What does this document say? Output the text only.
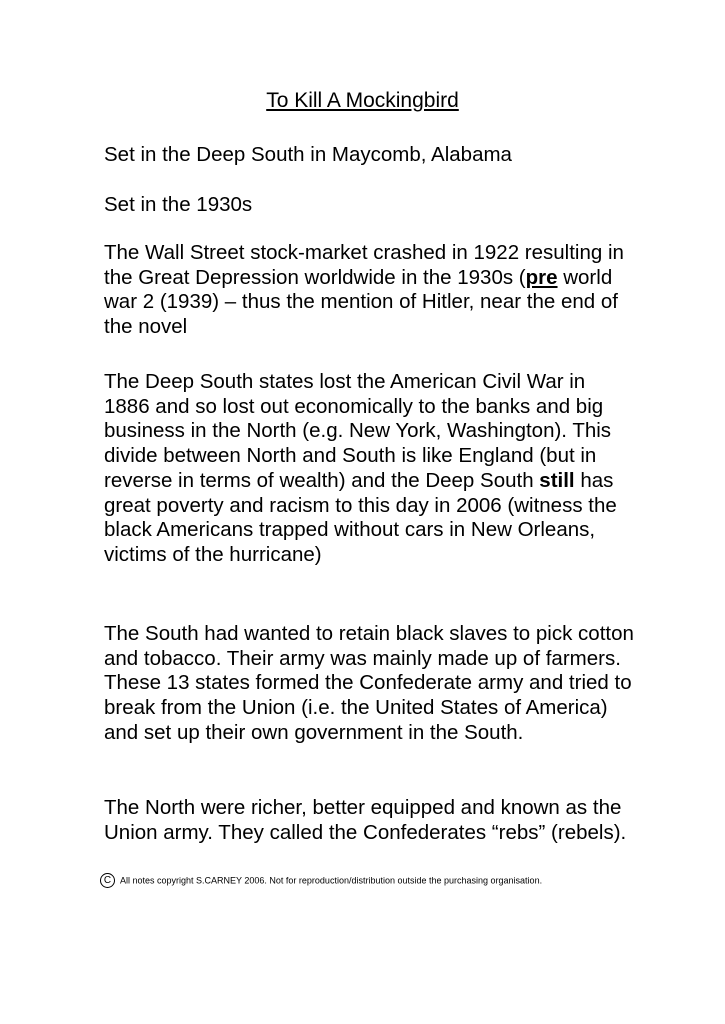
To Kill A Mockingbird

Set in the Deep South in Maycomb, Alabama

Set in the 1930s

The Wall Street stock-market crashed in 1922 resulting in the Great Depression worldwide in the 1930s (pre world war 2 (1939) – thus the mention of Hitler, near the end of the novel

The Deep South states lost the American Civil War in 1886 and so lost out economically to the banks and big business in the North (e.g. New York, Washington). This divide between North and South is like England (but in reverse in terms of wealth) and the Deep South still has great poverty and racism to this day in 2006 (witness the black Americans trapped without cars in New Orleans, victims of the hurricane)

The South had wanted to retain black slaves to pick cotton and tobacco. Their army was mainly made up of farmers. These 13 states formed the Confederate army and tried to break from the Union (i.e. the United States of America) and set up their own government in the South.

The North were richer, better equipped and known as the Union army. They called the Confederates “rebs” (rebels).

C All notes copyright S.CARNEY 2006. Not for reproduction/distribution outside the purchasing organisation.
